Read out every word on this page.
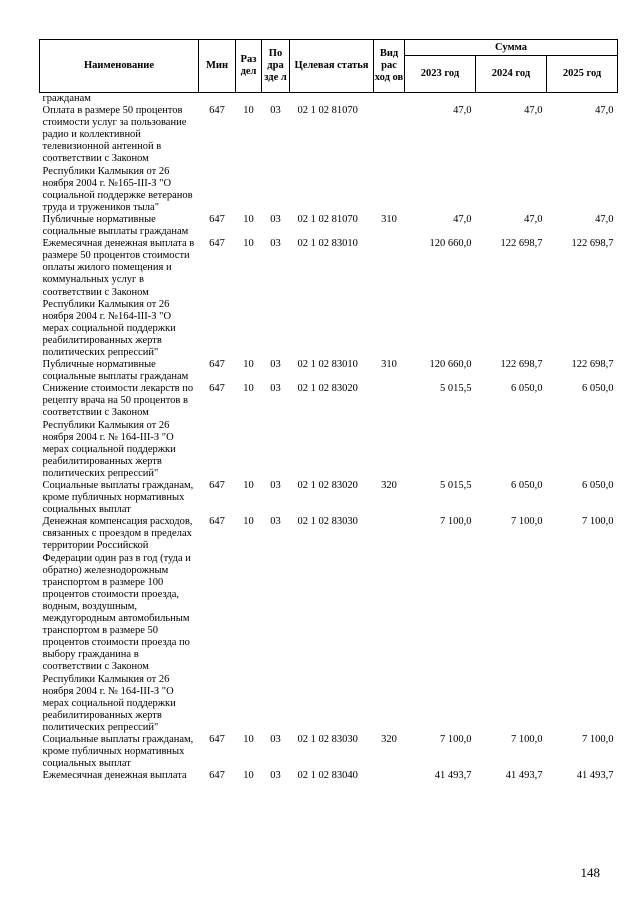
Наименование	Мин	Раз дел	По дра зде л	Целевая статья	Вид рас ход ов	Сумма		
						2023 год	2024 год	2025 год
гражданам								
Оплата в размере 50 процентов стоимости услуг за пользование радио и коллективной телевизионной антенной в соответствии с Законом Республики Калмыкия от 26 ноября 2004 г. №165-III-З "О социальной поддержке ветеранов труда и тружеников тыла"	647	10	03	02 1 02 81070		47,0	47,0	47,0
Публичные нормативные социальные выплаты гражданам	647	10	03	02 1 02 81070	310	47,0	47,0	47,0
Ежемесячная денежная выплата в размере 50 процентов стоимости оплаты жилого помещения и коммунальных услуг в соответствии с Законом Республики Калмыкия от 26 ноября 2004 г. №164-III-З "О мерах социальной поддержки реабилитированных жертв политических репрессий"	647	10	03	02 1 02 83010		120 660,0	122 698,7	122 698,7
Публичные нормативные социальные выплаты гражданам	647	10	03	02 1 02 83010	310	120 660,0	122 698,7	122 698,7
Снижение стоимости лекарств по рецепту врача на 50 процентов в соответствии с Законом Республики Калмыкия от 26 ноября 2004 г. № 164-III-З "О мерах социальной поддержки реабилитированных жертв политических репрессий"	647	10	03	02 1 02 83020		5 015,5	6 050,0	6 050,0
Социальные выплаты гражданам, кроме публичных нормативных социальных выплат	647	10	03	02 1 02 83020	320	5 015,5	6 050,0	6 050,0
Денежная компенсация расходов, связанных с проездом в пределах территории Российской Федерации один раз в год (туда и обратно) железнодорожным транспортом в размере 100 процентов стоимости проезда, водным, воздушным, междугородным автомобильным транспортом в размере 50 процентов стоимости проезда по выбору гражданина в соответствии с Законом Республики Калмыкия от 26 ноября 2004 г. № 164-III-З "О мерах социальной поддержки реабилитированных жертв политических репрессий"	647	10	03	02 1 02 83030		7 100,0	7 100,0	7 100,0
Социальные выплаты гражданам, кроме публичных нормативных социальных выплат	647	10	03	02 1 02 83030	320	7 100,0	7 100,0	7 100,0
Ежемесячная денежная выплата	647	10	03	02 1 02 83040		41 493,7	41 493,7	41 493,7
148
